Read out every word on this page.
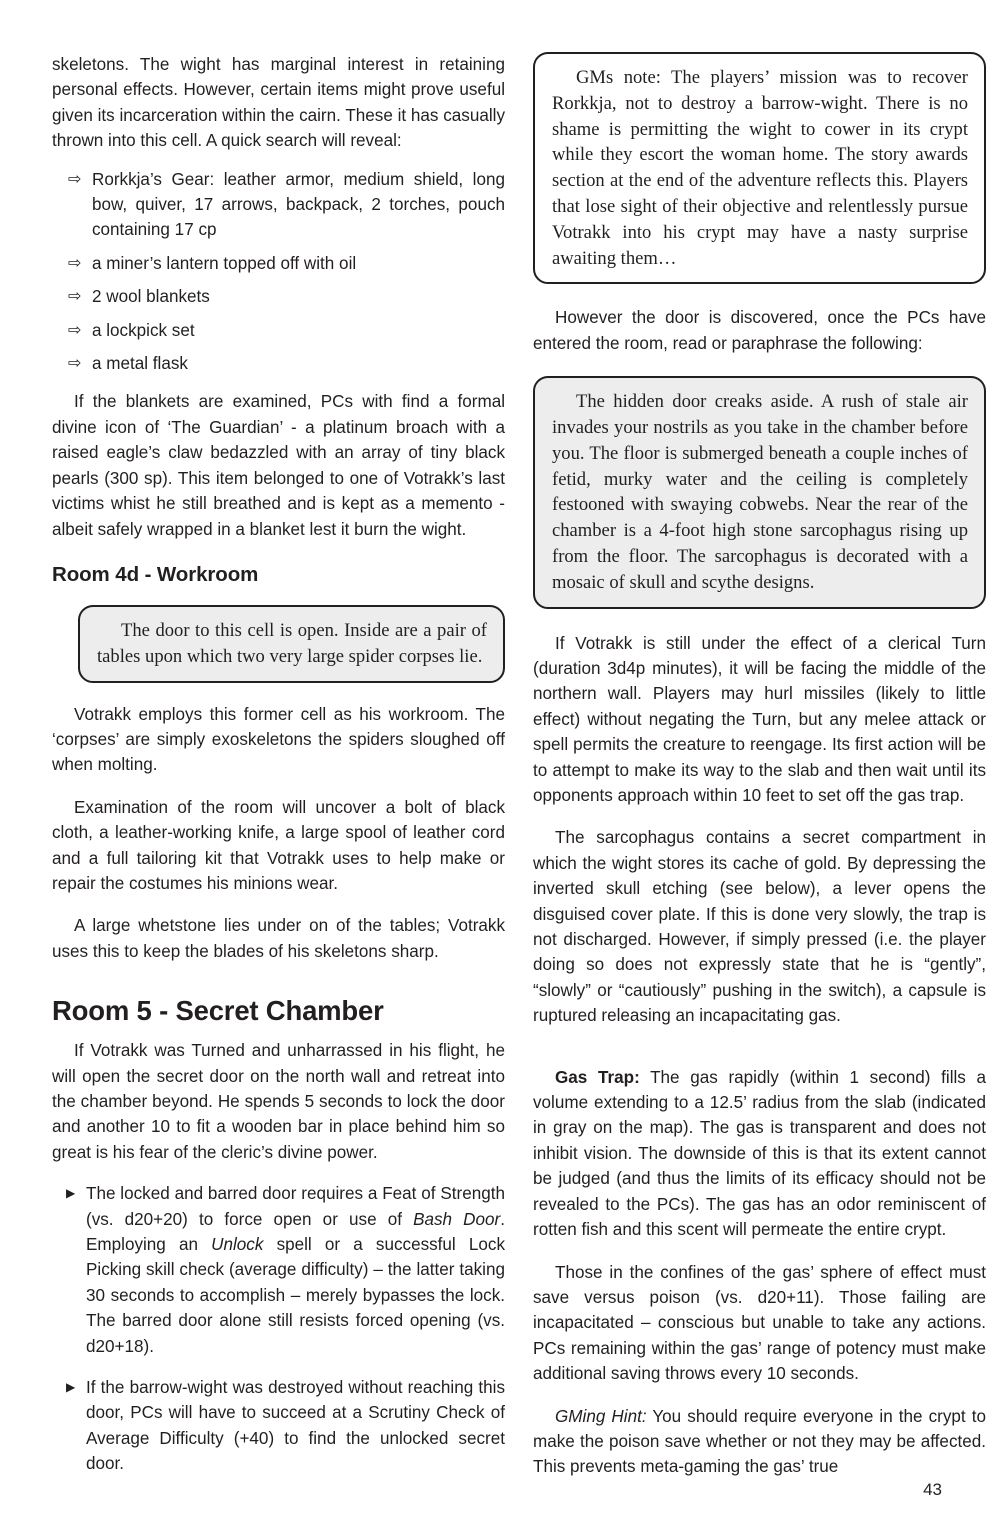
skeletons. The wight has marginal interest in retaining personal effects. However, certain items might prove useful given its incarceration within the cairn. These it has casually thrown into this cell. A quick search will reveal:

⇨ Rorkkja’s Gear: leather armor, medium shield, long bow, quiver, 17 arrows, backpack, 2 torches, pouch containing 17 cp
⇨ a miner’s lantern topped off with oil
⇨ 2 wool blankets
⇨ a lockpick set
⇨ a metal flask

If the blankets are examined, PCs with find a formal divine icon of ‘The Guardian’ - a platinum broach with a raised eagle’s claw bedazzled with an array of tiny black pearls (300 sp). This item belonged to one of Votrakk’s last victims whist he still breathed and is kept as a memento - albeit safely wrapped in a blanket lest it burn the wight.

Room 4d - Workroom
The door to this cell is open. Inside are a pair of tables upon which two very large spider corpses lie.

Votrakk employs this former cell as his workroom. The ‘corpses’ are simply exoskeletons the spiders sloughed off when molting.

Examination of the room will uncover a bolt of black cloth, a leather-working knife, a large spool of leather cord and a full tailoring kit that Votrakk uses to help make or repair the costumes his minions wear.

A large whetstone lies under on of the tables; Votrakk uses this to keep the blades of his skeletons sharp.

Room 5 - Secret Chamber

If Votrakk was Turned and unharrassed in his flight, he will open the secret door on the north wall and retreat into the chamber beyond. He spends 5 seconds to lock the door and another 10 to fit a wooden bar in place behind him so great is his fear of the cleric’s divine power.

▶ The locked and barred door requires a Feat of Strength (vs. d20+20) to force open or use of Bash Door. Employing an Unlock spell or a successful Lock Picking skill check (average difficulty) – the latter taking 30 seconds to accomplish – merely bypasses the lock. The barred door alone still resists forced opening (vs. d20+18).
▶ If the barrow-wight was destroyed without reaching this door, PCs will have to succeed at a Scrutiny Check of Average Difficulty (+40) to find the unlocked secret door.
GMs note: The players’ mission was to recover Rorkkja, not to destroy a barrow-wight. There is no shame is permitting the wight to cower in its crypt while they escort the woman home. The story awards section at the end of the adventure reflects this. Players that lose sight of their objective and relentlessly pursue Votrakk into his crypt may have a nasty surprise awaiting them…

However the door is discovered, once the PCs have entered the room, read or paraphrase the following:

The hidden door creaks aside. A rush of stale air invades your nostrils as you take in the chamber before you. The floor is submerged beneath a couple inches of fetid, murky water and the ceiling is completely festooned with swaying cobwebs. Near the rear of the chamber is a 4-foot high stone sarcophagus rising up from the floor. The sarcophagus is decorated with a mosaic of skull and scythe designs.

If Votrakk is still under the effect of a clerical Turn (duration 3d4p minutes), it will be facing the middle of the northern wall. Players may hurl missiles (likely to little effect) without negating the Turn, but any melee attack or spell permits the creature to reengage. Its first action will be to attempt to make its way to the slab and then wait until its opponents approach within 10 feet to set off the gas trap.

The sarcophagus contains a secret compartment in which the wight stores its cache of gold. By depressing the inverted skull etching (see below), a lever opens the disguised cover plate. If this is done very slowly, the trap is not discharged. However, if simply pressed (i.e. the player doing so does not expressly state that he is “gently”, “slowly” or “cautiously” pushing in the switch), a capsule is ruptured releasing an incapacitating gas.

Gas Trap: The gas rapidly (within 1 second) fills a volume extending to a 12.5’ radius from the slab (indicated in gray on the map). The gas is transparent and does not inhibit vision. The downside of this is that its extent cannot be judged (and thus the limits of its efficacy should not be revealed to the PCs). The gas has an odor reminiscent of rotten fish and this scent will permeate the entire crypt.

Those in the confines of the gas’ sphere of effect must save versus poison (vs. d20+11). Those failing are incapacitated – conscious but unable to take any actions. PCs remaining within the gas’ range of potency must make additional saving throws every 10 seconds.

GMing Hint: You should require everyone in the crypt to make the poison save whether or not they may be affected. This prevents meta-gaming the gas’ true

43
